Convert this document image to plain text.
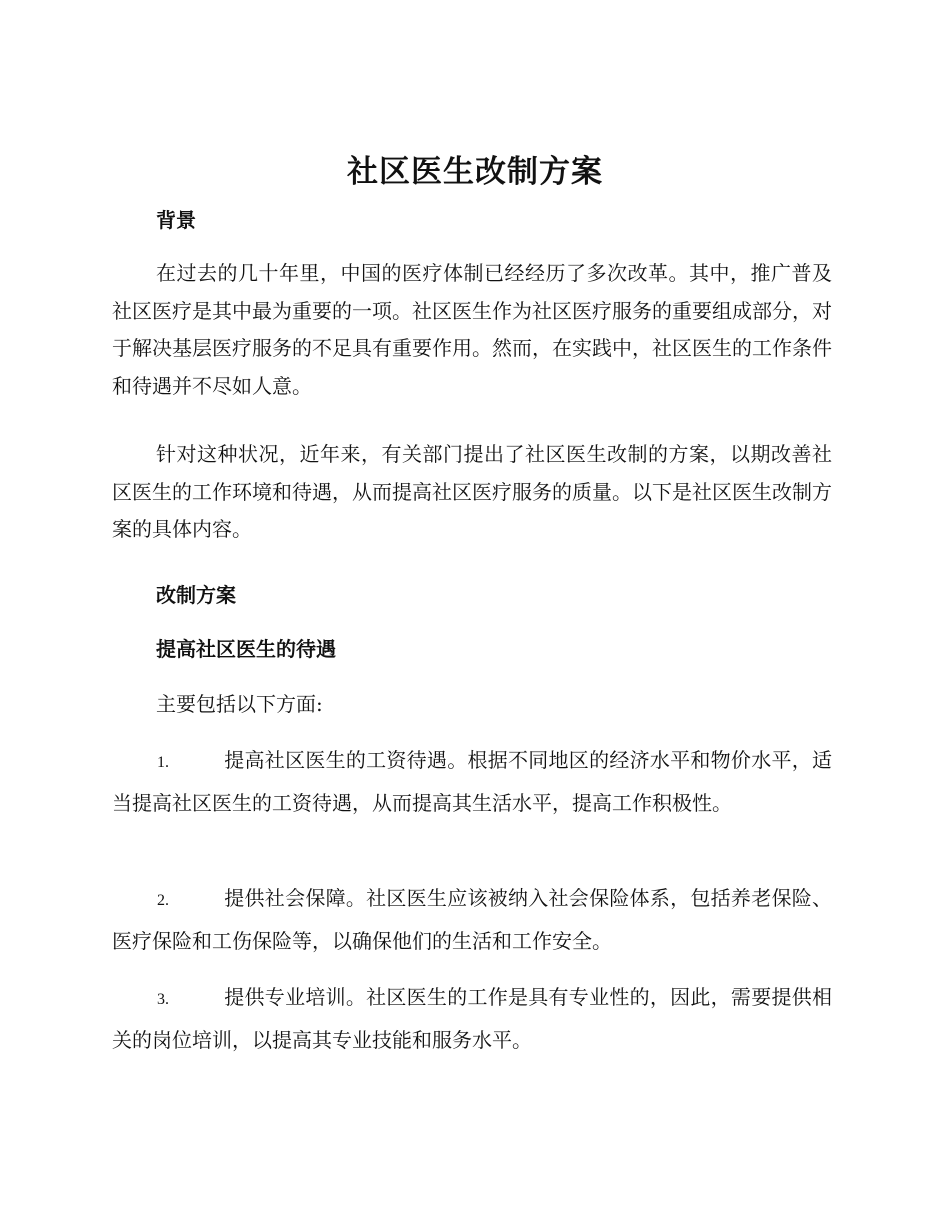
社区医生改制方案
背景

在过去的几十年里，中国的医疗体制已经经历了多次改革。其中，推广普及社区医疗是其中最为重要的一项。社区医生作为社区医疗服务的重要组成部分，对于解决基层医疗服务的不足具有重要作用。然而，在实践中，社区医生的工作条件和待遇并不尽如人意。

针对这种状况，近年来，有关部门提出了社区医生改制的方案，以期改善社区医生的工作环境和待遇，从而提高社区医疗服务的质量。以下是社区医生改制方案的具体内容。

改制方案
提高社区医生的待遇
主要包括以下方面:

1.	提高社区医生的工资待遇。根据不同地区的经济水平和物价水平，适当提高社区医生的工资待遇，从而提高其生活水平，提高工作积极性。

2.	提供社会保障。社区医生应该被纳入社会保险体系，包括养老保险、医疗保险和工伤保险等，以确保他们的生活和工作安全。

3.	提供专业培训。社区医生的工作是具有专业性的，因此，需要提供相关的岗位培训，以提高其专业技能和服务水平。
